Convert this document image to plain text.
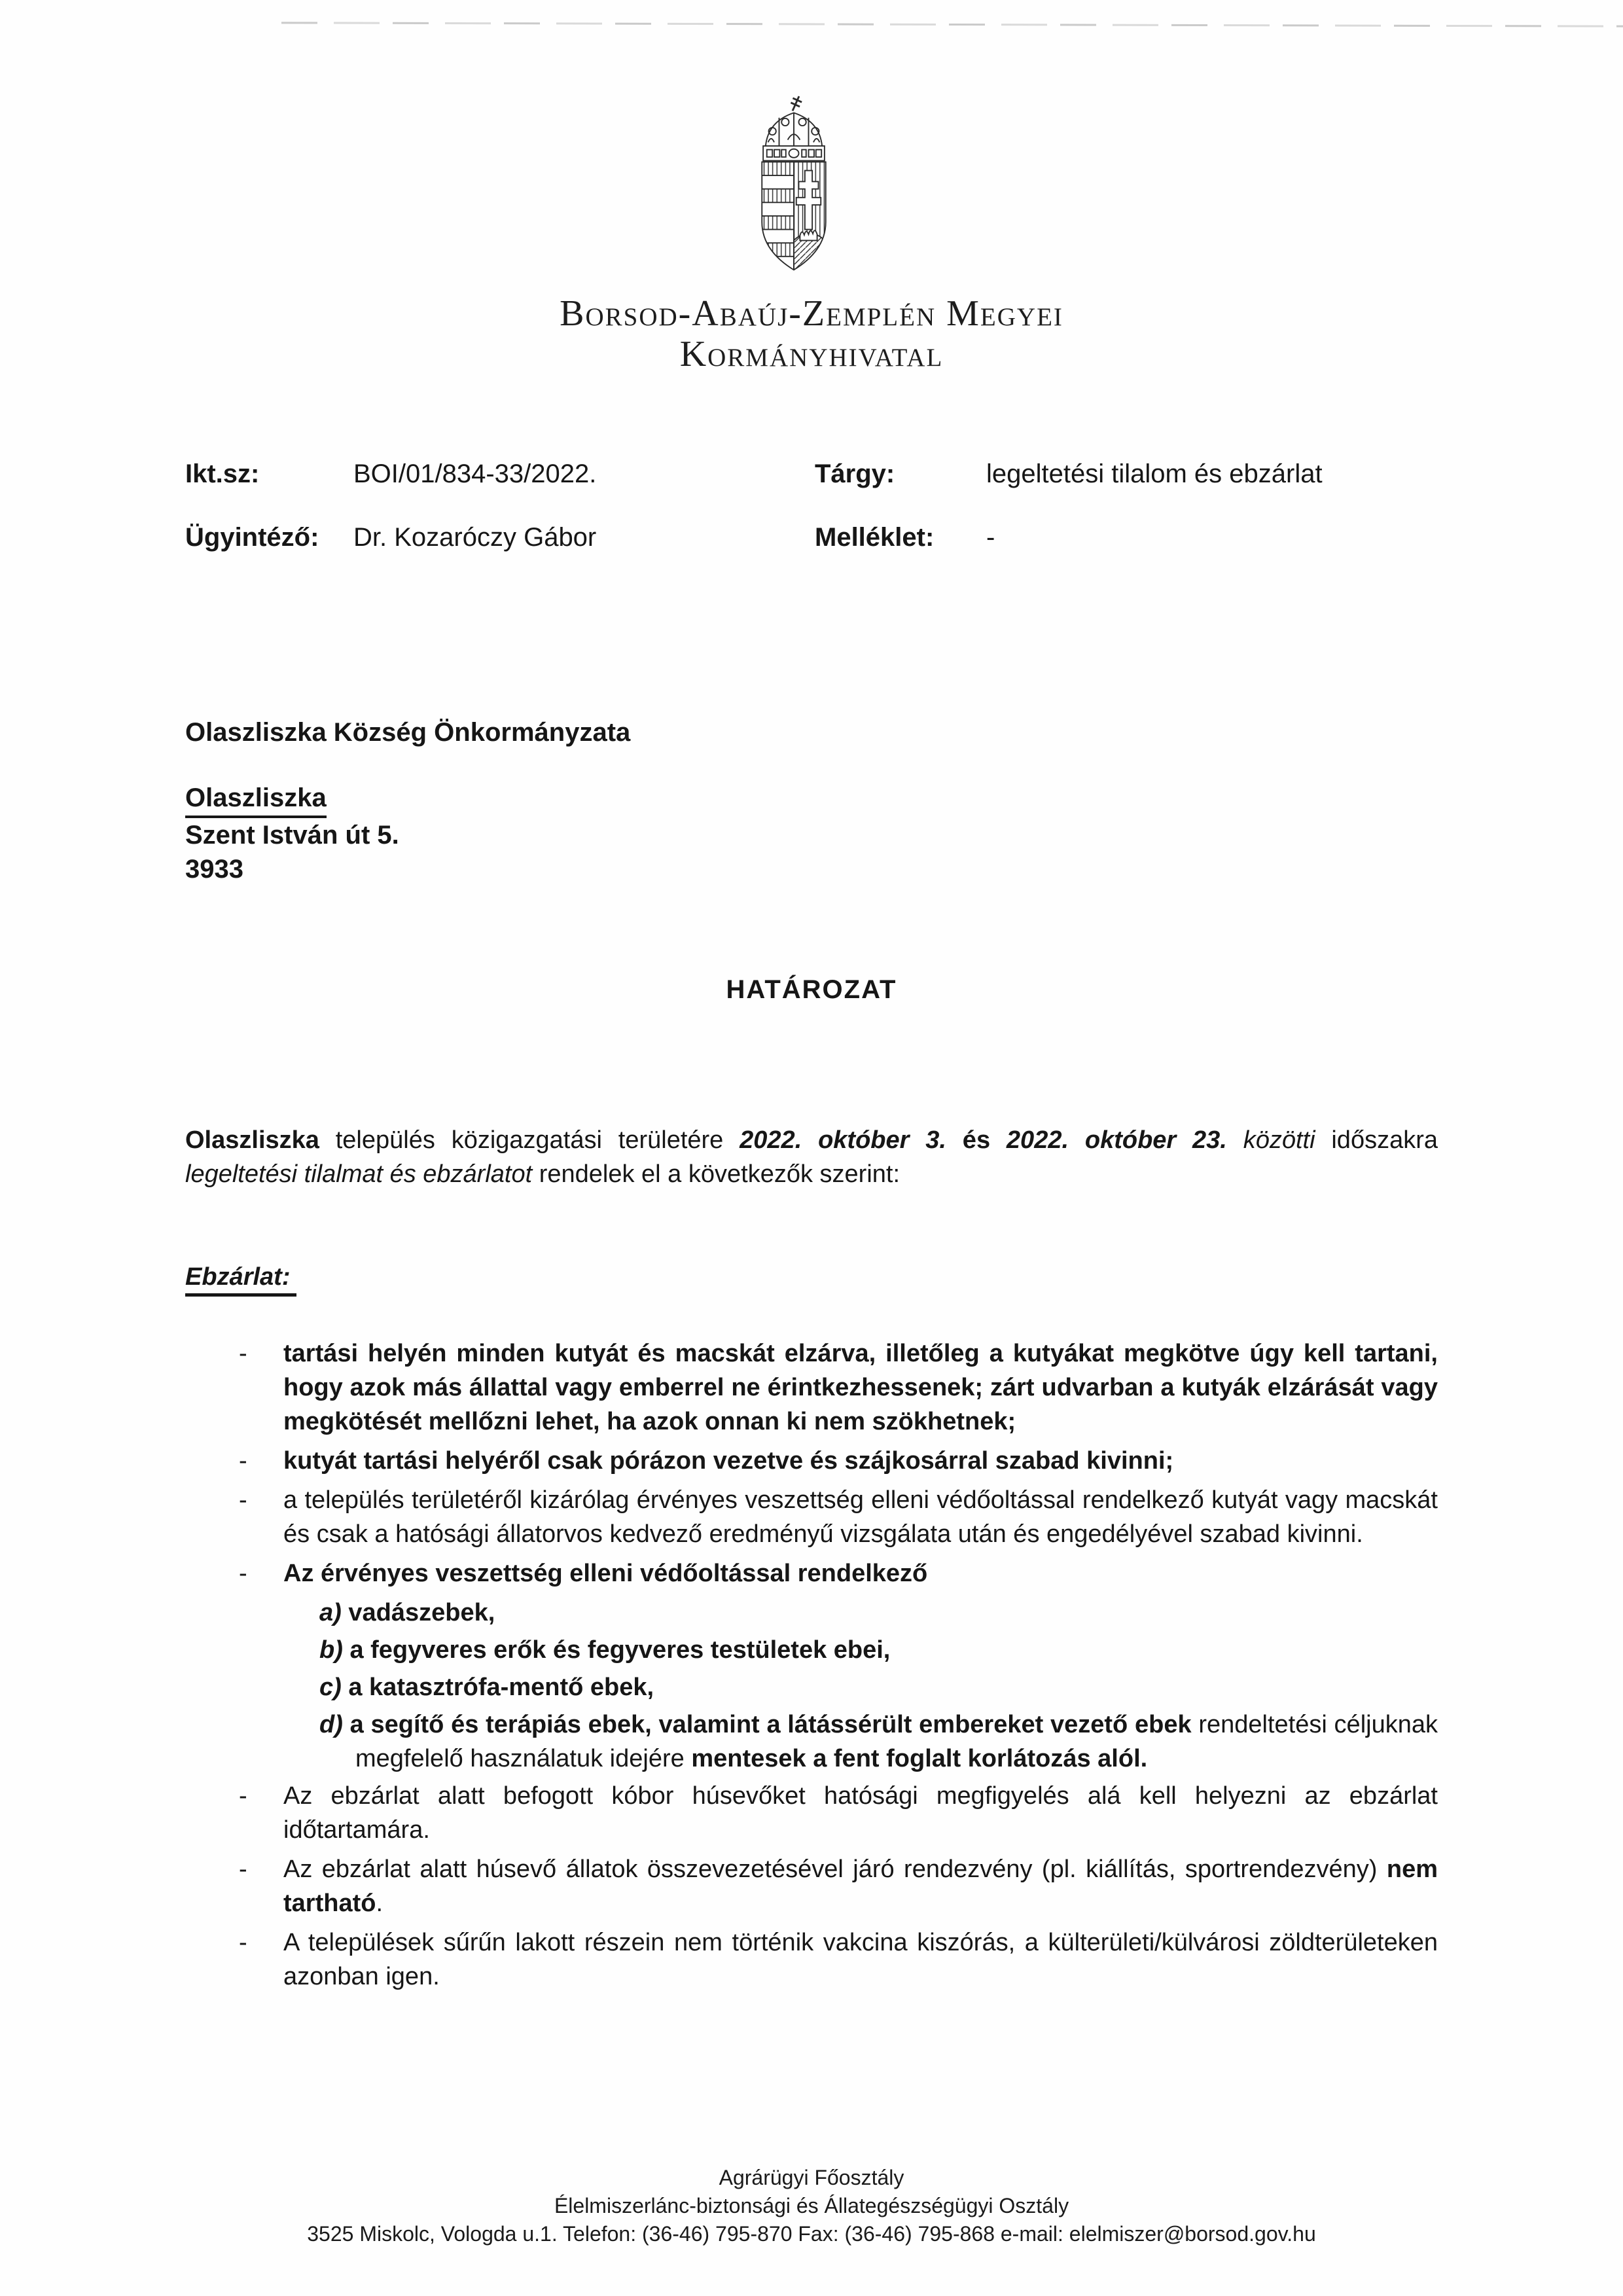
Borsod-Abaúj-Zemplén Megyei
Kormányhivatal
Ikt.sz:	BOI/01/834-33/2022.	Tárgy:	legeltetési tilalom és ebzárlat
Ügyintéző:	Dr. Kozaróczy Gábor	Melléklet:	-
Olaszliszka Község Önkormányzata
Olaszliszka
Szent István út 5.
3933
HATÁROZAT
Olaszliszka település közigazgatási területére 2022. október 3. és 2022. október 23. közötti időszakra legeltetési tilalmat és ebzárlatot rendelek el a következők szerint:
Ebzárlat:
-	tartási helyén minden kutyát és macskát elzárva, illetőleg a kutyákat megkötve úgy kell tartani, hogy azok más állattal vagy emberrel ne érintkezhessenek; zárt udvarban a kutyák elzárását vagy megkötését mellőzni lehet, ha azok onnan ki nem szökhetnek;
-	kutyát tartási helyéről csak pórázon vezetve és szájkosárral szabad kivinni;
-	a település területéről kizárólag érvényes veszettség elleni védőoltással rendelkező kutyát vagy macskát és csak a hatósági állatorvos kedvező eredményű vizsgálata után és engedélyével szabad kivinni.
-	Az érvényes veszettség elleni védőoltással rendelkező
a) vadászebek,
b) a fegyveres erők és fegyveres testületek ebei,
c) a katasztrófa-mentő ebek,
d) a segítő és terápiás ebek, valamint a látássérült embereket vezető ebek rendeltetési céljuknak megfelelő használatuk idejére mentesek a fent foglalt korlátozás alól.
-	Az ebzárlat alatt befogott kóbor húsevőket hatósági megfigyelés alá kell helyezni az ebzárlat időtartamára.
-	Az ebzárlat alatt húsevő állatok összevezetésével járó rendezvény (pl. kiállítás, sportrendezvény) nem tartható.
-	A települések sűrűn lakott részein nem történik vakcina kiszórás, a külterületi/külvárosi zöldterületeken azonban igen.
Agrárügyi Főosztály
Élelmiszerlánc-biztonsági és Állategészségügyi Osztály
3525 Miskolc, Vologda u.1. Telefon: (36-46) 795-870 Fax: (36-46) 795-868 e-mail: elelmiszer@borsod.gov.hu
